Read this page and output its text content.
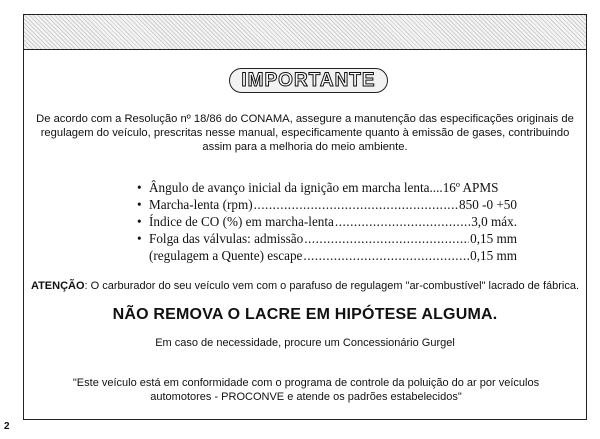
IMPORTANTE
De acordo com a Resolução nº 18/86 do CONAMA, assegure a manutenção das especificações originais de regulagem do veículo, prescritas nesse manual, especificamente quanto à emissão de gases, contribuindo assim para a melhoria do meio ambiente.
• Ângulo de avanço inicial da ignição em marcha lenta .... 16º APMS
• Marcha-lenta (rpm) .....	850 -0 +50
• Índice de CO (%) em marcha-lenta .....	3,0 máx.
• Folga das válvulas: admissão .....	0,15 mm
(regulagem a Quente) escape .....	0,15 mm
ATENÇÃO: O carburador do seu veículo vem com o parafuso de regulagem "ar-combustível" lacrado de fábrica.
NÃO REMOVA O LACRE EM HIPÓTESE ALGUMA.
Em caso de necessidade, procure um Concessionário Gurgel
"Este veículo está em conformidade com o programa de controle da poluição do ar por veículos automotores - PROCONVE e atende os padrões estabelecidos"
2
